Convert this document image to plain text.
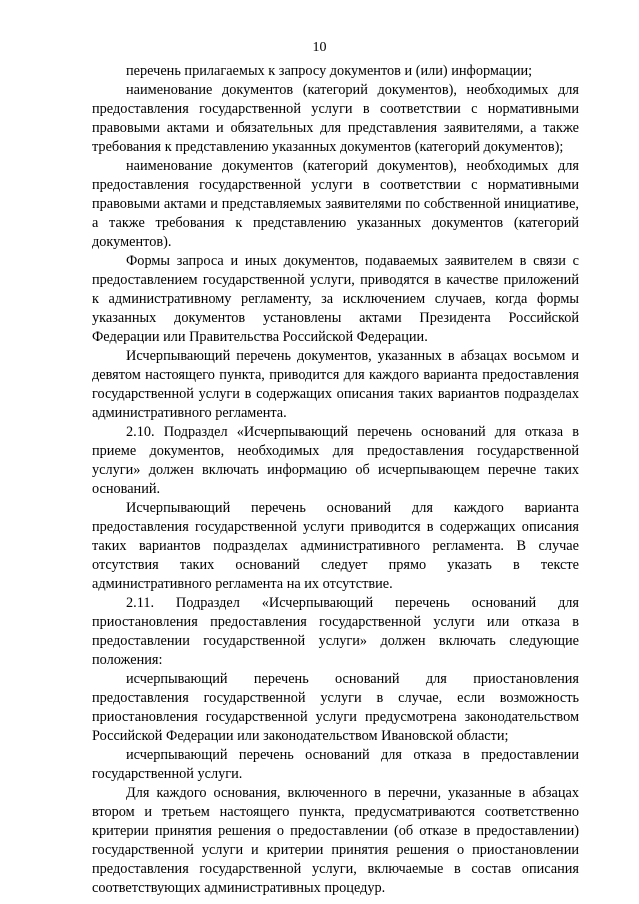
10

перечень прилагаемых к запросу документов и (или) информации;

наименование документов (категорий документов), необходимых для предоставления государственной услуги в соответствии с нормативными правовыми актами и обязательных для представления заявителями, а также требования к представлению указанных документов (категорий документов);

наименование документов (категорий документов), необходимых для предоставления государственной услуги в соответствии с нормативными правовыми актами и представляемых заявителями по собственной инициативе, а также требования к представлению указанных документов (категорий документов).

Формы запроса и иных документов, подаваемых заявителем в связи с предоставлением государственной услуги, приводятся в качестве приложений к административному регламенту, за исключением случаев, когда формы указанных документов установлены актами Президента Российской Федерации или Правительства Российской Федерации.

Исчерпывающий перечень документов, указанных в абзацах восьмом и девятом настоящего пункта, приводится для каждого варианта предоставления государственной услуги в содержащих описания таких вариантов подразделах административного регламента.

2.10. Подраздел «Исчерпывающий перечень оснований для отказа в приеме документов, необходимых для предоставления государственной услуги» должен включать информацию об исчерпывающем перечне таких оснований.

Исчерпывающий перечень оснований для каждого варианта предоставления государственной услуги приводится в содержащих описания таких вариантов подразделах административного регламента. В случае отсутствия таких оснований следует прямо указать в тексте административного регламента на их отсутствие.

2.11. Подраздел «Исчерпывающий перечень оснований для приостановления предоставления государственной услуги или отказа в предоставлении государственной услуги» должен включать следующие положения:

исчерпывающий перечень оснований для приостановления предоставления государственной услуги в случае, если возможность приостановления государственной услуги предусмотрена законодательством Российской Федерации или законодательством Ивановской области;

исчерпывающий перечень оснований для отказа в предоставлении государственной услуги.

Для каждого основания, включенного в перечни, указанные в абзацах втором и третьем настоящего пункта, предусматриваются соответственно критерии принятия решения о предоставлении (об отказе в предоставлении) государственной услуги и критерии принятия решения о приостановлении предоставления государственной услуги, включаемые в состав описания соответствующих административных процедур.
